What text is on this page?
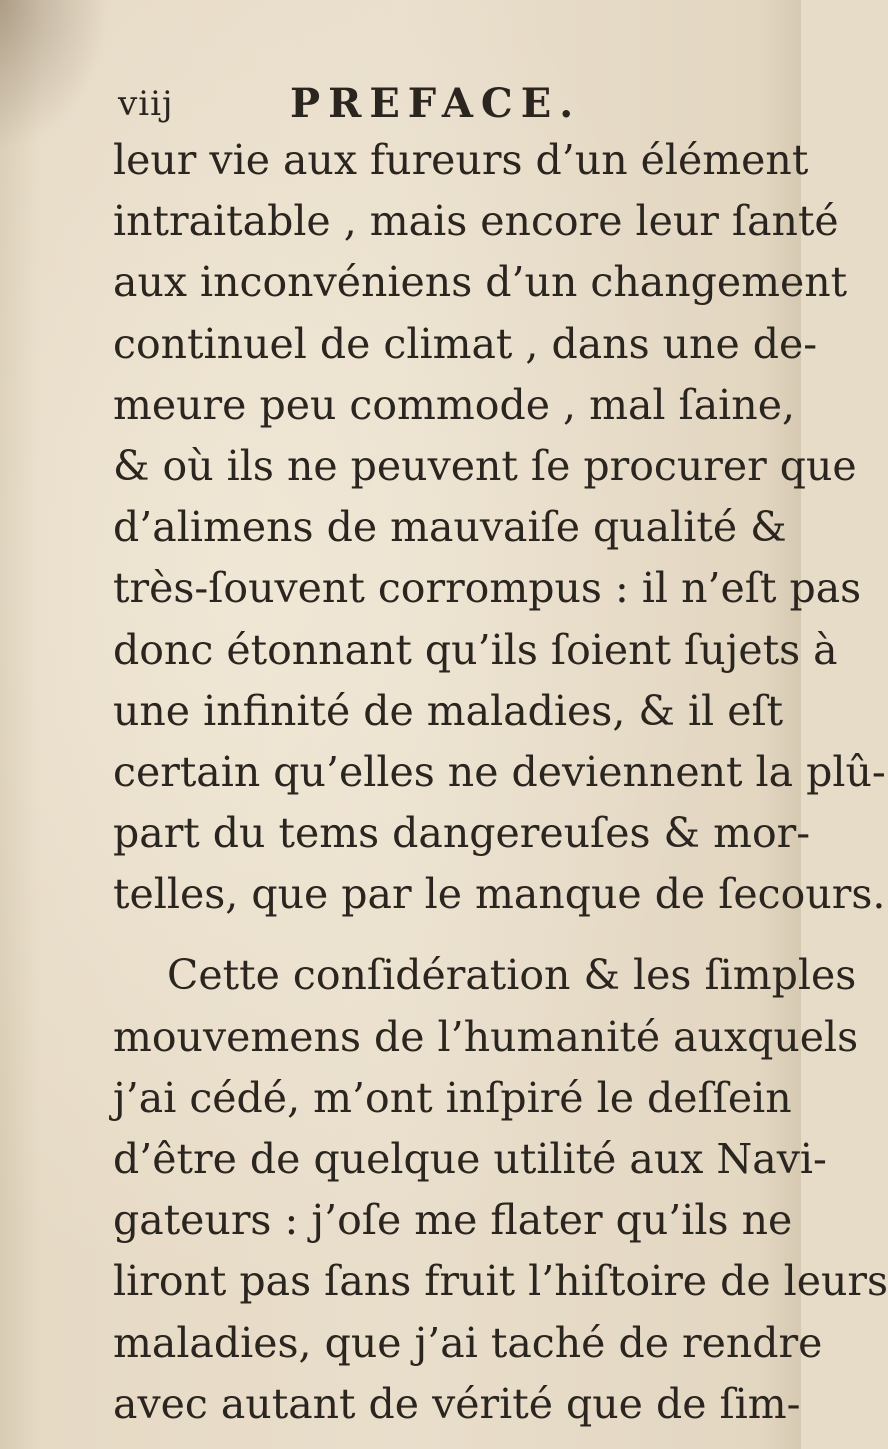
viij	PREFACE.
leur vie aux fureurs d’un élément
intraitable , mais encore leur ſanté
aux inconvéniens d’un changement
continuel de climat , dans une de-
meure peu commode , mal ſaine,
& où ils ne peuvent ſe procurer que
d’alimens de mauvaiſe qualité &
très-ſouvent corrompus : il n’eſt pas
donc étonnant qu’ils ſoient ſujets à
une infinité de maladies, & il eſt
certain qu’elles ne deviennent la plû-
part du tems dangereuſes & mor-
telles, que par le manque de ſecours.
Cette conſidération & les ſimples
mouvemens de l’humanité auxquels
j’ai cédé, m’ont inſpiré le deſſein
d’être de quelque utilité aux Navi-
gateurs : j’oſe me flater qu’ils ne
liront pas ſans fruit l’hiſtoire de leurs
maladies, que j’ai taché de rendre
avec autant de vérité que de ſim-
